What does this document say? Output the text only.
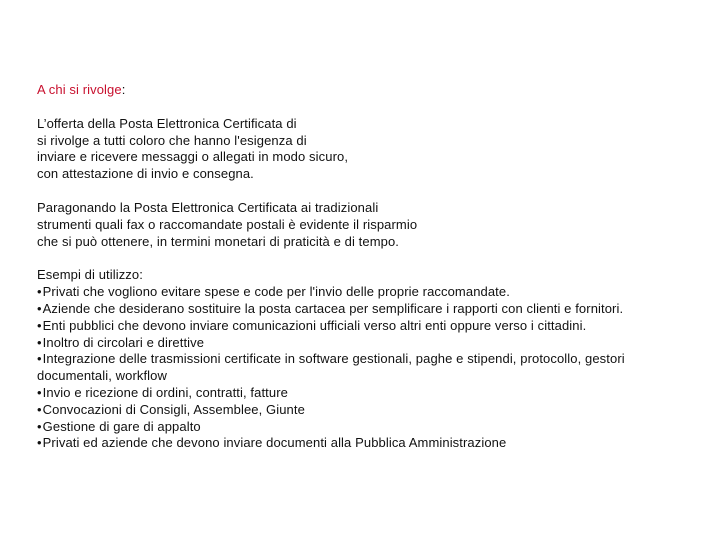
A chi si rivolge:

L’offerta della Posta Elettronica Certificata di
si rivolge a tutti coloro che hanno l'esigenza di
inviare e ricevere messaggi o allegati in modo sicuro,
con attestazione di invio e consegna.

Paragonando la Posta Elettronica Certificata ai tradizionali
strumenti quali fax o raccomandate postali è evidente il risparmio
che si può ottenere, in termini monetari di praticità e di tempo.

Esempi di utilizzo:

•Privati che vogliono evitare spese e code per l'invio delle proprie raccomandate.
•Aziende che desiderano sostituire la posta cartacea per semplificare i rapporti con clienti e fornitori.
•Enti pubblici che devono inviare comunicazioni ufficiali verso altri enti oppure verso i cittadini.
•Inoltro di circolari e direttive
•Integrazione delle trasmissioni certificate in software gestionali, paghe e stipendi, protocollo, gestori documentali, workflow
•Invio e ricezione di ordini, contratti, fatture
•Convocazioni di Consigli, Assemblee, Giunte
•Gestione di gare di appalto
•Privati ed aziende che devono inviare documenti alla Pubblica Amministrazione
